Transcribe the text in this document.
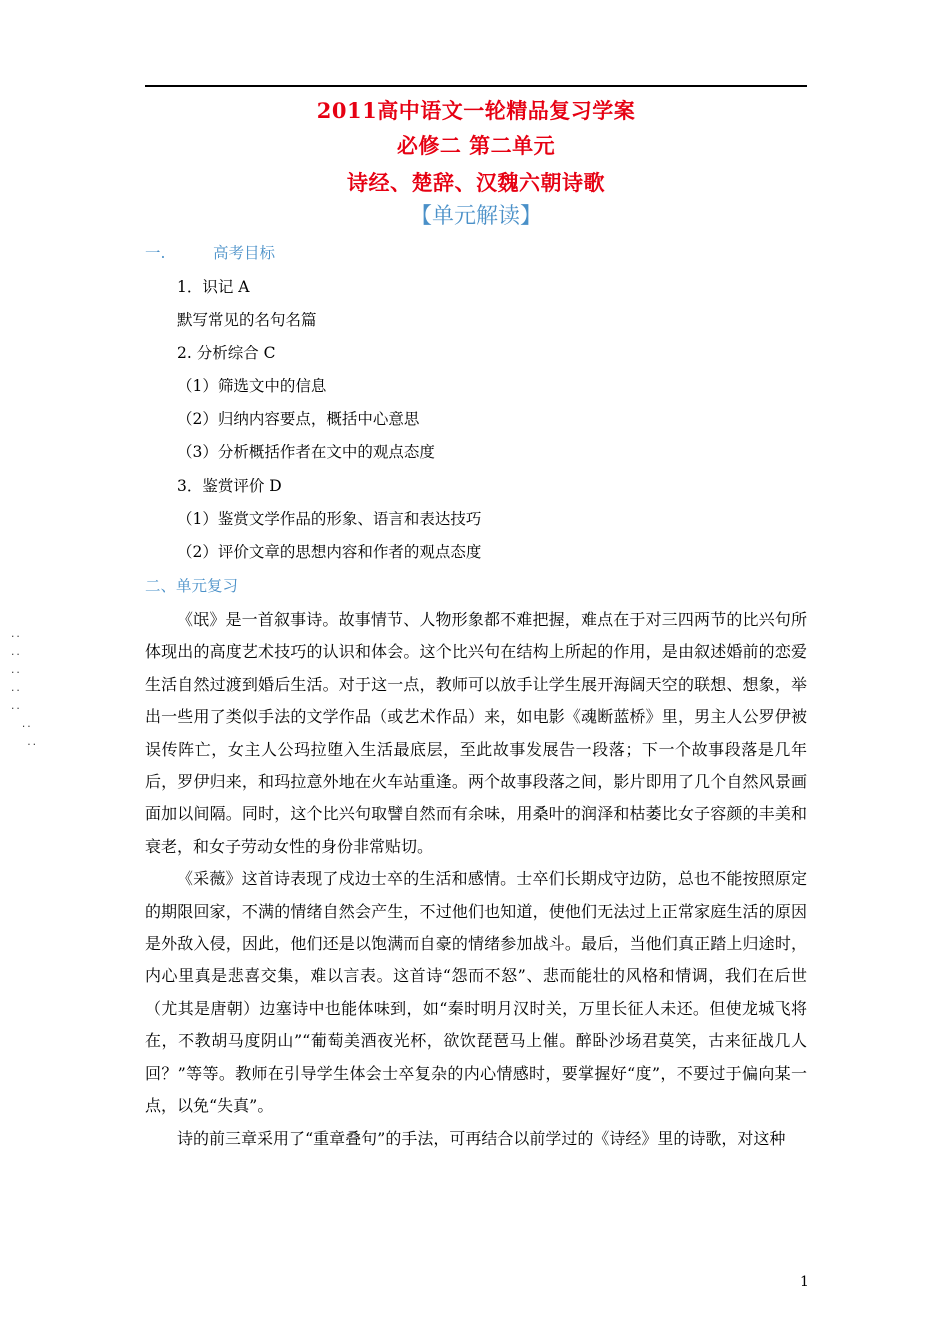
2011高中语文一轮精品复习学案
必修二 第二单元
诗经、楚辞、汉魏六朝诗歌
【单元解读】
一.	高考目标
1．识记 A
默写常见的名句名篇
2. 分析综合 C
（1）筛选文中的信息
（2）归纳内容要点，概括中心意思
（3）分析概括作者在文中的观点态度
3．鉴赏评价 D
（1）鉴赏文学作品的形象、语言和表达技巧
（2）评价文章的思想内容和作者的观点态度
二、单元复习

《氓》是一首叙事诗。故事情节、人物形象都不难把握，难点在于对三四两节的比兴句所体现出的高度艺术技巧的认识和体会。这个比兴句在结构上所起的作用，是由叙述婚前的恋爱生活自然过渡到婚后生活。对于这一点，教师可以放手让学生展开海阔天空的联想、想象，举出一些用了类似手法的文学作品（或艺术作品）来，如电影《魂断蓝桥》里，男主人公罗伊被误传阵亡，女主人公玛拉堕入生活最底层，至此故事发展告一段落；下一个故事段落是几年后，罗伊归来，和玛拉意外地在火车站重逢。两个故事段落之间，影片即用了几个自然风景画面加以间隔。同时，这个比兴句取譬自然而有余味，用桑叶的润泽和枯萎比女子容颜的丰美和衰老，和女子劳动女性的身份非常贴切。

《采薇》这首诗表现了戍边士卒的生活和感情。士卒们长期戍守边防，总也不能按照原定的期限回家，不满的情绪自然会产生，不过他们也知道，使他们无法过上正常家庭生活的原因是外敌入侵，因此，他们还是以饱满而自豪的情绪参加战斗。最后，当他们真正踏上归途时，内心里真是悲喜交集，难以言表。这首诗“怨而不怒”、悲而能壮的风格和情调，我们在后世（尤其是唐朝）边塞诗中也能体味到，如“秦时明月汉时关，万里长征人未还。但使龙城飞将在，不教胡马度阴山”“葡萄美酒夜光杯，欲饮琵琶马上催。醉卧沙场君莫笑，古来征战几人回？”等等。教师在引导学生体会士卒复杂的内心情感时，要掌握好“度”，不要过于偏向某一点，以免“失真”。

诗的前三章采用了“重章叠句”的手法，可再结合以前学过的《诗经》里的诗歌，对这种

..
..
..
..
..
..
..
1
